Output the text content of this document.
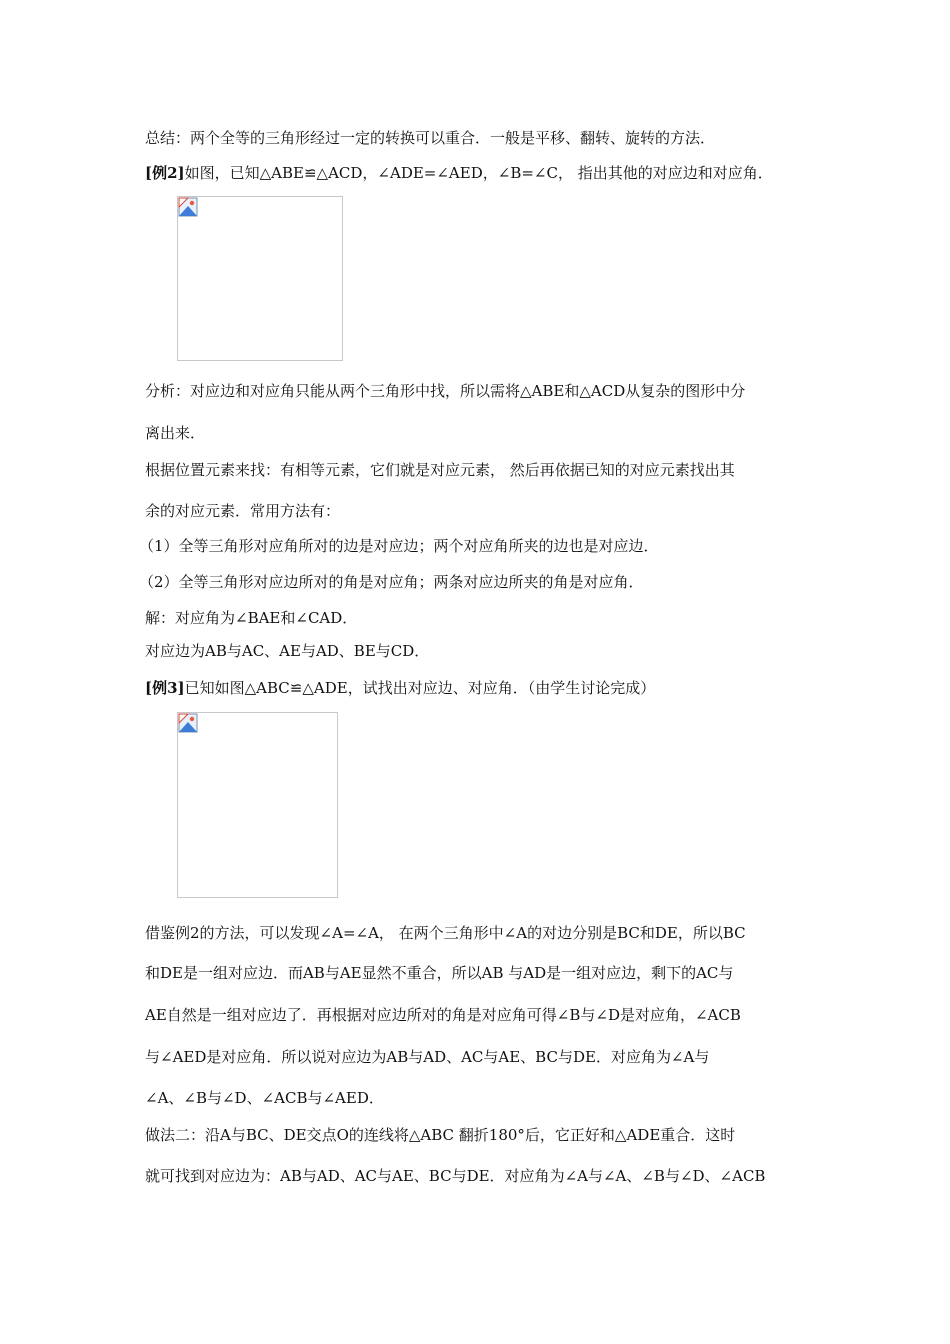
总结：两个全等的三角形经过一定的转换可以重合．一般是平移、翻转、旋转的方法．
[例2]如图，已知△ABE≌△ACD，∠ADE=∠AED，∠B=∠C， 指出其他的对应边和对应角．
分析：对应边和对应角只能从两个三角形中找，所以需将△ABE和△ACD从复杂的图形中分
离出来．
根据位置元素来找：有相等元素，它们就是对应元素， 然后再依据已知的对应元素找出其
余的对应元素．常用方法有：
（1）全等三角形对应角所对的边是对应边；两个对应角所夹的边也是对应边．
（2）全等三角形对应边所对的角是对应角；两条对应边所夹的角是对应角．
解：对应角为∠BAE和∠CAD．
对应边为AB与AC、AE与AD、BE与CD．
[例3]已知如图△ABC≌△ADE，试找出对应边、对应角．（由学生讨论完成）
借鉴例2的方法，可以发现∠A=∠A， 在两个三角形中∠A的对边分别是BC和DE，所以BC
和DE是一组对应边．而AB与AE显然不重合，所以AB 与AD是一组对应边，剩下的AC与
AE自然是一组对应边了．再根据对应边所对的角是对应角可得∠B与∠D是对应角，∠ACB
与∠AED是对应角．所以说对应边为AB与AD、AC与AE、BC与DE．对应角为∠A与
∠A、∠B与∠D、∠ACB与∠AED．
做法二：沿A与BC、DE交点O的连线将△ABC 翻折180°后，它正好和△ADE重合．这时
就可找到对应边为：AB与AD、AC与AE、BC与DE．对应角为∠A与∠A、∠B与∠D、∠ACB
